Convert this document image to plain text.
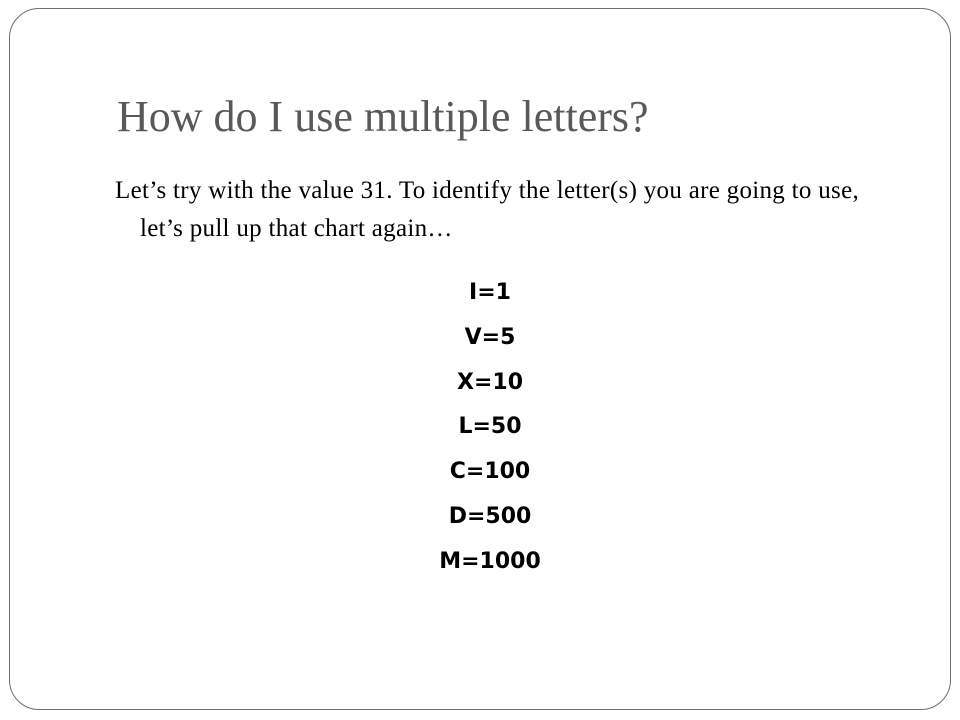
How do I use multiple letters?

Let’s try with the value 31. To identify the letter(s) you are going to use, let’s pull up that chart again…

I=1
V=5
X=10
L=50
C=100
D=500
M=1000
